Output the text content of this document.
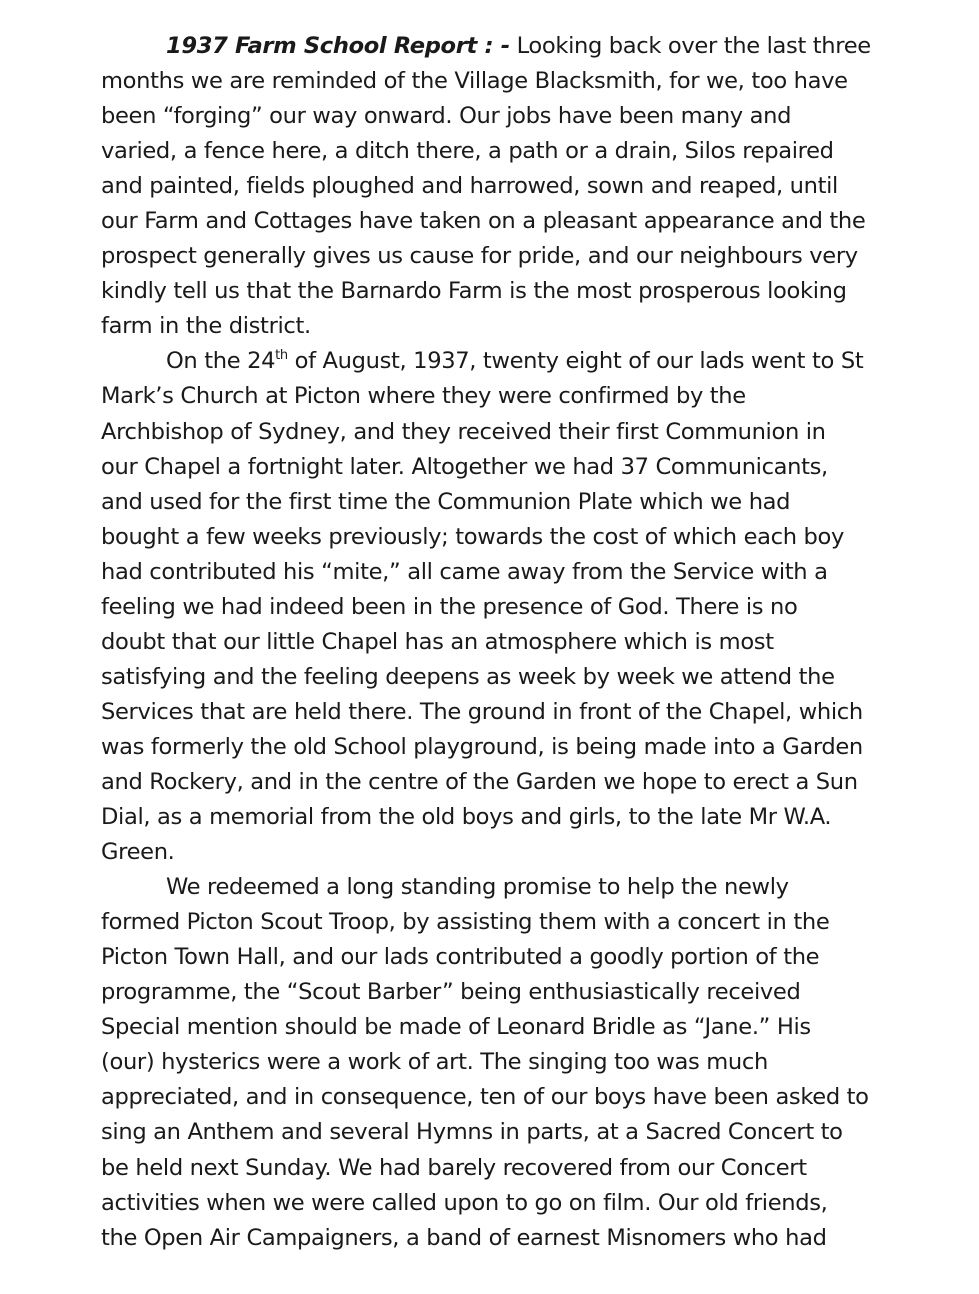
1937 Farm School Report : - Looking back over the last three
months we are reminded of the Village Blacksmith, for we, too have
been “forging” our way onward. Our jobs have been many and
varied, a fence here, a ditch there, a path or a drain, Silos repaired
and painted, fields ploughed and harrowed, sown and reaped, until
our Farm and Cottages have taken on a pleasant appearance and the
prospect generally gives us cause for pride, and our neighbours very
kindly tell us that the Barnardo Farm is the most prosperous looking
farm in the district.
On the 24th of August, 1937, twenty eight of our lads went to St
Mark’s Church at Picton where they were confirmed by the
Archbishop of Sydney, and they received their first Communion in
our Chapel a fortnight later. Altogether we had 37 Communicants,
and used for the first time the Communion Plate which we had
bought a few weeks previously; towards the cost of which each boy
had contributed his “mite,” all came away from the Service with a
feeling we had indeed been in the presence of God. There is no
doubt that our little Chapel has an atmosphere which is most
satisfying and the feeling deepens as week by week we attend the
Services that are held there. The ground in front of the Chapel, which
was formerly the old School playground, is being made into a Garden
and Rockery, and in the centre of the Garden we hope to erect a Sun
Dial, as a memorial from the old boys and girls, to the late Mr W.A.
Green.
We redeemed a long standing promise to help the newly
formed Picton Scout Troop, by assisting them with a concert in the
Picton Town Hall, and our lads contributed a goodly portion of the
programme, the “Scout Barber” being enthusiastically received
Special mention should be made of Leonard Bridle as “Jane.” His
(our) hysterics were a work of art. The singing too was much
appreciated, and in consequence, ten of our boys have been asked to
sing an Anthem and several Hymns in parts, at a Sacred Concert to
be held next Sunday. We had barely recovered from our Concert
activities when we were called upon to go on film. Our old friends,
the Open Air Campaigners, a band of earnest Misnomers who had
